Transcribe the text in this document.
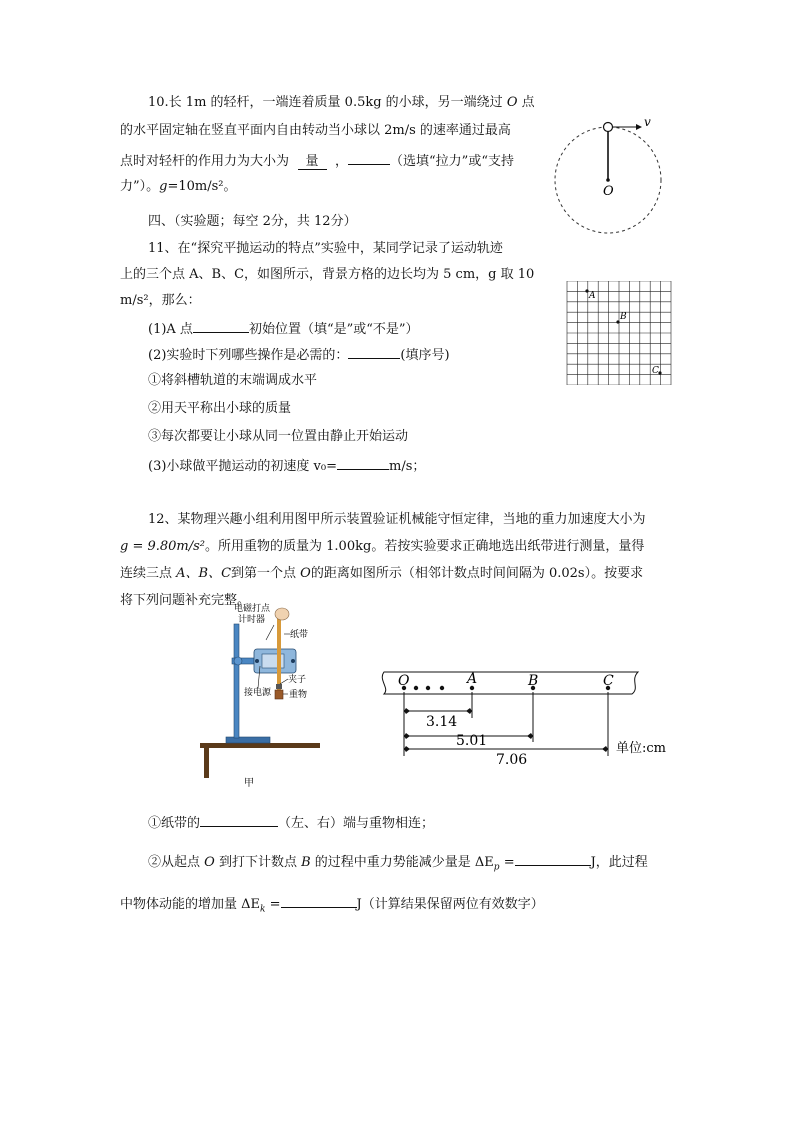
10.长 1m 的轻杆，一端连着质量 0.5kg 的小球，另一端绕过 O 点
的水平固定轴在竖直平面内自由转动当小球以 2m/s 的速率通过最高
点时对轻杆的作用力为大小为 量 ，	（选填“拉力”或“支持
力”）。g=10m/s²。
v
O
四、（实验题；每空 2分，共 12分）
11、在“探究平抛运动的特点”实验中，某同学记录了运动轨迹
上的三个点 A、B、C，如图所示，背景方格的边长均为 5 cm，g 取 10
m/s²，那么：
(1)A 点	初始位置（填“是”或“不是”）
(2)实验时下列哪些操作是必需的：	(填序号)
①将斜槽轨道的末端调成水平
②用天平称出小球的质量
③每次都要让小球从同一位置由静止开始运动
(3)小球做平抛运动的初速度 v₀=	m/s；
A
B
C
12、某物理兴趣小组利用图甲所示装置验证机械能守恒定律，当地的重力加速度大小为
g = 9.80m/s²。所用重物的质量为 1.00kg。若按实验要求正确地选出纸带进行测量，量得
连续三点 A、B、C到第一个点 O的距离如图所示（相邻计数点时间间隔为 0.02s）。按要求
将下列问题补充完整。
电磁打点
计时器
纸带
夹子
接电源 重物
甲
O	A	B	C
3.14
5.01
7.06
单位:cm
①纸带的	（左、右）端与重物相连；
②从起点 O 到打下计数点 B 的过程中重力势能减少量是 $\Delta E_p$ =	J，此过程
中物体动能的增加量 $\Delta E_k$ =	J（计算结果保留两位有效数字）
